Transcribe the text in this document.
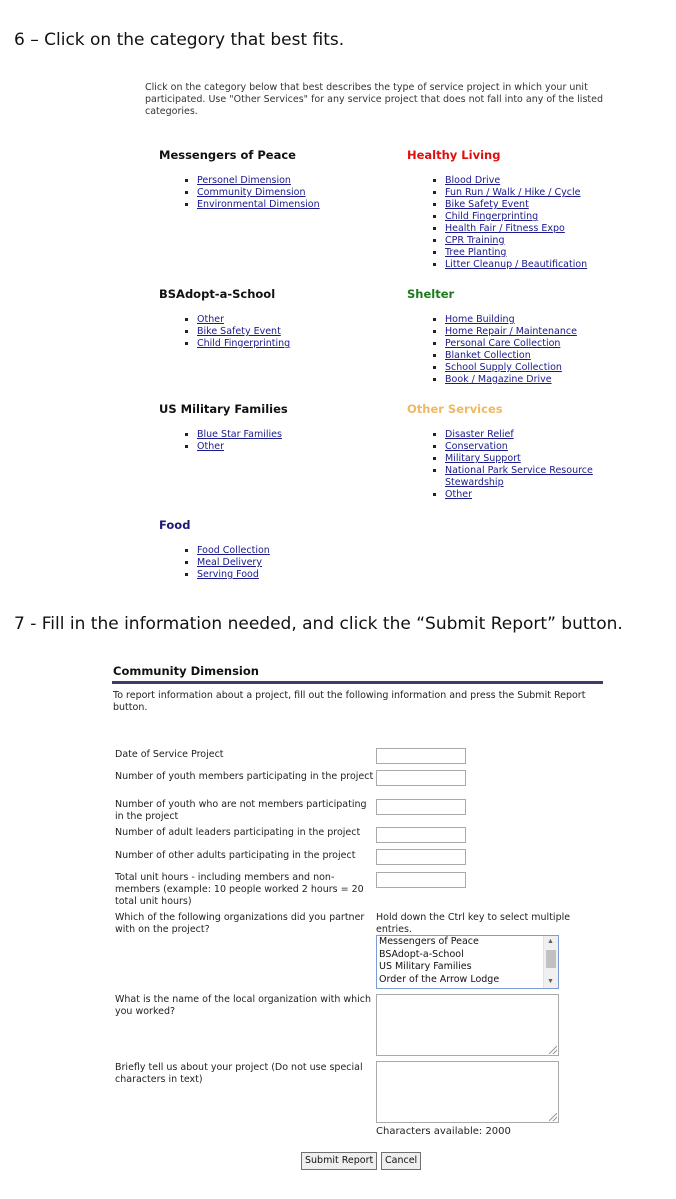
6 – Click on the category that best fits.
Click on the category below that best describes the type of service project in which your unit participated. Use "Other Services" for any service project that does not fall into any of the listed categories.
Messengers of Peace
▪ Personel Dimension
▪ Community Dimension
▪ Environmental Dimension
Healthy Living
▪ Blood Drive
▪ Fun Run / Walk / Hike / Cycle
▪ Bike Safety Event
▪ Child Fingerprinting
▪ Health Fair / Fitness Expo
▪ CPR Training
▪ Tree Planting
▪ Litter Cleanup / Beautification
BSAdopt-a-School
▪ Other
▪ Bike Safety Event
▪ Child Fingerprinting
Shelter
▪ Home Building
▪ Home Repair / Maintenance
▪ Personal Care Collection
▪ Blanket Collection
▪ School Supply Collection
▪ Book / Magazine Drive
US Military Families
▪ Blue Star Families
▪ Other
Other Services
▪ Disaster Relief
▪ Conservation
▪ Military Support
▪ National Park Service Resource Stewardship
▪ Other
Food
▪ Food Collection
▪ Meal Delivery
▪ Serving Food
7 - Fill in the information needed, and click the “Submit Report” button.
Community Dimension
To report information about a project, fill out the following information and press the Submit Report button.
Date of Service Project
Number of youth members participating in the project
Number of youth who are not members participating in the project
Number of adult leaders participating in the project
Number of other adults participating in the project
Total unit hours - including members and non-members (example: 10 people worked 2 hours = 20 total unit hours)
Which of the following organizations did you partner with on the project?
Hold down the Ctrl key to select multiple entries.
Messengers of Peace
BSAdopt-a-School
US Military Families
Order of the Arrow Lodge
▲
▼
What is the name of the local organization with which you worked?
Briefly tell us about your project (Do not use special characters in text)
Characters available: 2000
Submit Report	Cancel
